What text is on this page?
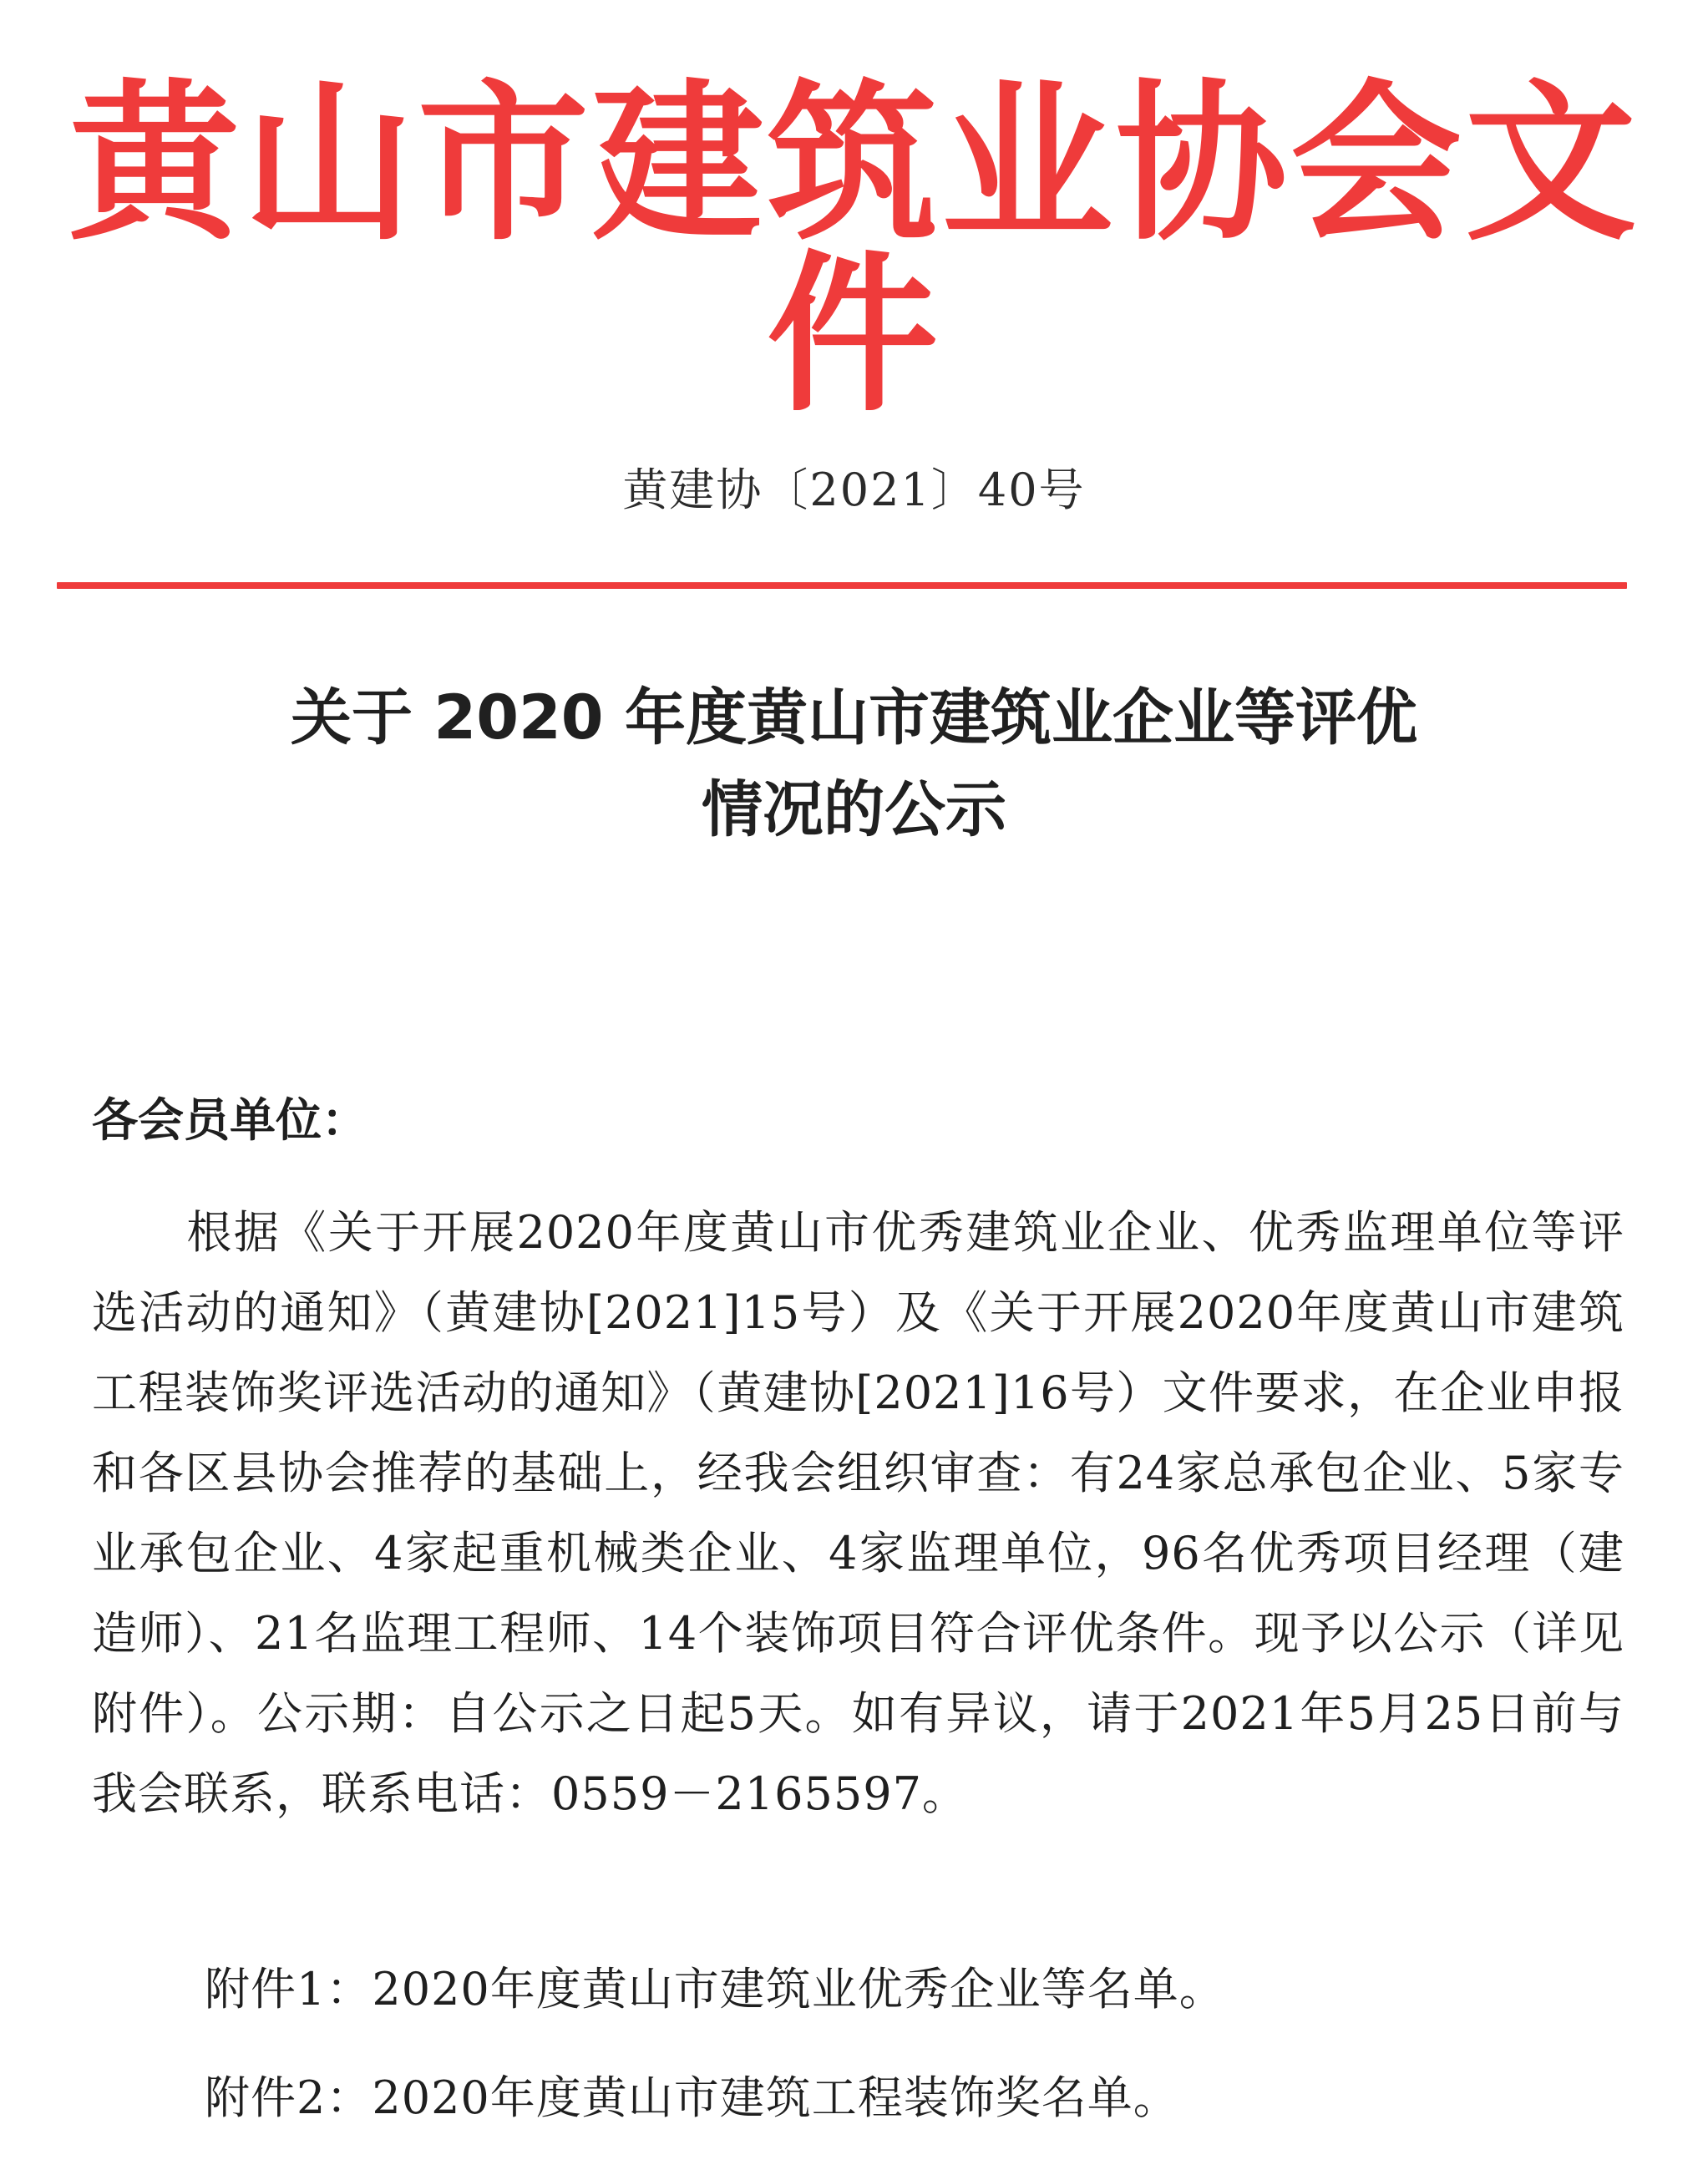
黄山市建筑业协会文件
黄建协〔2021〕40号
关于 2020 年度黄山市建筑业企业等评优
情况的公示
各会员单位：
根据《关于开展2020年度黄山市优秀建筑业企业、优秀监理单位等评选活动的通知》（黄建协[2021]15号）及《关于开展2020年度黄山市建筑工程装饰奖评选活动的通知》（黄建协[2021]16号）文件要求，在企业申报和各区县协会推荐的基础上，经我会组织审查：有24家总承包企业、5家专业承包企业、4家起重机械类企业、4家监理单位，96名优秀项目经理（建造师）、21名监理工程师、14个装饰项目符合评优条件。现予以公示（详见附件）。公示期：自公示之日起5天。如有异议，请于2021年5月25日前与我会联系，联系电话：0559－2165597。
附件1：2020年度黄山市建筑业优秀企业等名单。
附件2：2020年度黄山市建筑工程装饰奖名单。
